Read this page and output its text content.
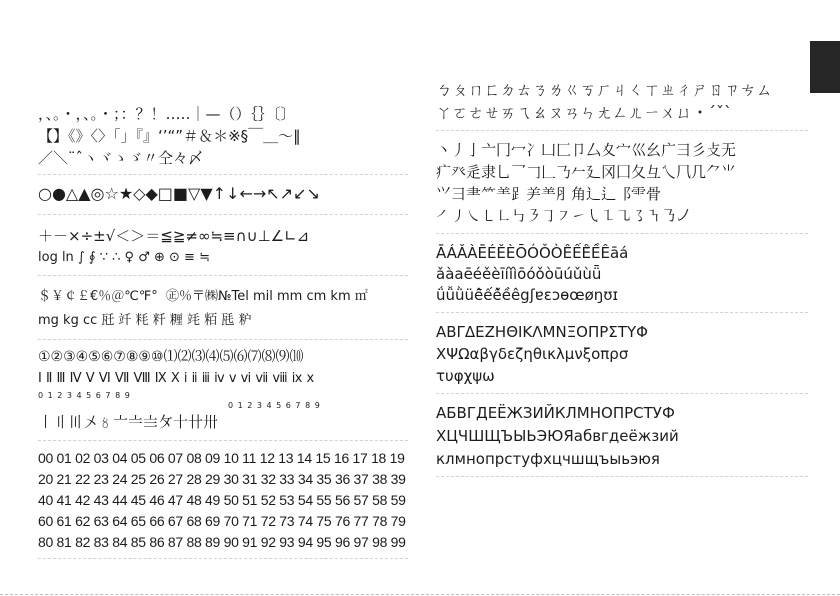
，、。・，、。・；：？！…‥｜—（）｛｝〔〕
【】《》〈〉「」『』‘’“”＃＆＊※§￣＿～‖
／＼¨ˆヽヾゝゞ〃仝々〆
○●△▲◎☆★◇◆□■▽▼↑↓←→↖↗↙↘
＋－×÷±√＜＞＝≦≧≠∞≒≡∩∪⊥∠∟⊿
log ln ∫ ∮ ∵ ∴ ♀ ♂ ⊕ ⊙ ≡ ≒
＄￥￠￡€％＠℃℉°  ㊣％〒㈱№Tel mil mm cm km ㎡
mg kg cc 瓩 竏 粍 粁 糎 竓 粨 瓱 粐
①②③④⑤⑥⑦⑧⑨⑩⑴⑵⑶⑷⑸⑹⑺⑻⑼⑽
Ⅰ Ⅱ Ⅲ Ⅳ Ⅴ Ⅵ Ⅶ Ⅷ Ⅸ Ⅹ ⅰ ⅱ ⅲ ⅳ ⅴ ⅵ ⅶ ⅷ ⅸ ⅹ
0 1 2 3 4 5 6 7 8 9
0 1 2 3 4 5 6 7 8 9
〡〢〣〤〥〦〧〨〩十卄卅
00 01 02 03 04 05 06 07 08 09 10 11 12 13 14 15 16 17 18 19
20 21 22 23 24 25 26 27 28 29 30 31 32 33 34 35 36 37 38 39
40 41 42 43 44 45 46 47 48 49 50 51 52 53 54 55 56 57 58 59
60 61 62 63 64 65 66 67 68 69 70 71 72 73 74 75 76 77 78 79
80 81 82 83 84 85 86 87 88 89 90 91 92 93 94 95 96 97 98 99
ㄅㄆㄇㄈㄉㄊㄋㄌㄍㄎㄏㄐㄑㄒㄓㄔㄕㄖㄗㄘㄙ
ㄚㄛㄜㄝㄞㄟㄠㄡㄢㄣㄤㄥㄦㄧㄨㄩ・ˊˇˋ
丶丿亅亠冂冖冫凵匚卩厶夊宀巛幺广彐彡攴无
疒癶辵隶乚乛𠃌𠃊𠄎𠂉廴冈囗夂彑乀𠘨几⺈⺌
⺍彐⺻⺮⺷⻊⺶⺷⺼⻆⻌⻍⻏⻗⻣
㇒㇓㇏㇄㇗㇉㇋㇆㇇㇀㇂㇅㇈㇌㇎㇡㇢
ĀÁǍÀĒÉĚÈŌÓǑÒÊ̄ẾÊ̌ỀÊāá
ǎàaēéěèīíǐìōóǒòūúǔùǖ
ǘǚǜüê̄ếê̌ềêgʃɐɛɔɵœøŋʊɪ
ΑΒΓΔΕΖΗΘΙΚΛΜΝΞΟΠΡΣΤΥΦ
ΧΨΩαβγδεζηθικλμνξοπρσ
τυφχψω
АБВГДЕЁЖЗИЙКЛМНОПРСТУФ
ХЦЧШЩЪЫЬЭЮЯабвгдеёжзий
клмнопрстуфхцчшщъыьэюя
